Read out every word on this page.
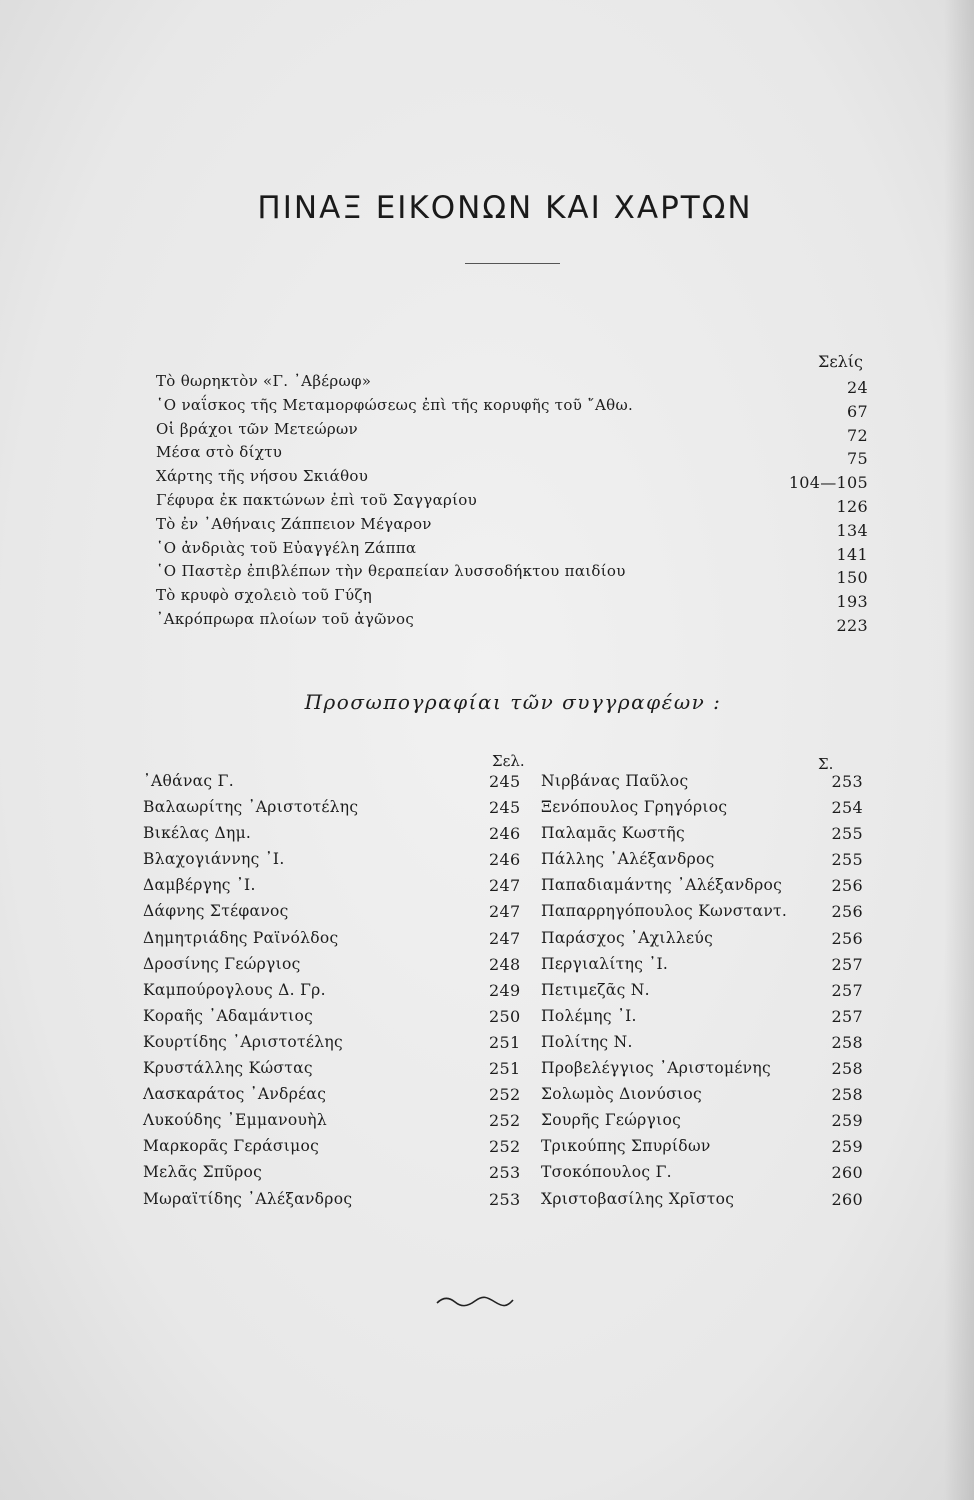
ΠΙΝΑΞ ΕΙΚΟΝΩΝ ΚΑΙ ΧΑΡΤΩΝ
Σελίς
Τὸ θωρηκτὸν «Γ. ᾿Αβέρωφ»	24
῾Ο ναΐσκος τῆς Μεταμορφώσεως ἐπὶ τῆς κορυφῆς τοῦ ῎Αθω.	67
Οἱ βράχοι τῶν Μετεώρων	72
Μέσα στὸ δίχτυ	75
Χάρτης τῆς νήσου Σκιάθου	104—105
Γέφυρα ἐκ πακτώνων ἐπὶ τοῦ Σαγγαρίου	126
Τὸ ἐν ᾿Αθήναις Ζάππειον Μέγαρον	134
῾Ο ἀνδριὰς τοῦ Εὐαγγέλη Ζάππα	141
῾Ο Παστὲρ ἐπιβλέπων τὴν θεραπείαν λυσσοδήκτου παιδίου	150
Τὸ κρυφὸ σχολειὸ τοῦ Γύζη	193
᾿Ακρόπρωρα πλοίων τοῦ ἀγῶνος	223
Προσωπογραφίαι τῶν συγγραφέων :
Σελ.	Σ.
᾿Αθάνας Γ.	245 Νιρβάνας Παῦλος	253
Βαλαωρίτης ᾿Αριστοτέλης	245 Ξενόπουλος Γρηγόριος	254
Βικέλας Δημ.	246 Παλαμᾶς Κωστῆς	255
Βλαχογιάννης ᾿Ι.	246 Πάλλης ᾿Αλέξανδρος	255
Δαμβέργης ᾿Ι.	247 Παπαδιαμάντης ᾿Αλέξανδρος	256
Δάφνης Στέφανος	247 Παπαρρηγόπουλος Κωνσταντ.	256
Δημητριάδης Ραϊνόλδος	247 Παράσχος ᾿Αχιλλεύς	256
Δροσίνης Γεώργιος	248 Περγιαλίτης ᾿Ι.	257
Καμπούρογλους Δ. Γρ.	249 Πετιμεζᾶς Ν.	257
Κοραῆς ᾿Αδαμάντιος	250 Πολέμης ᾿Ι.	257
Κουρτίδης ᾿Αριστοτέλης	251 Πολίτης Ν.	258
Κρυστάλλης Κώστας	251 Προβελέγγιος ᾿Αριστομένης	258
Λασκαράτος ᾿Ανδρέας	252 Σολωμὸς Διονύσιος	258
Λυκούδης ᾿Εμμανουὴλ	252 Σουρῆς Γεώργιος	259
Μαρκορᾶς Γεράσιμος	252 Τρικούπης Σπυρίδων	259
Μελᾶς Σπῦρος	253 Τσοκόπουλος Γ.	260
Μωραϊτίδης ᾿Αλέξανδρος	253 Χριστοβασίλης Χρῖστος	260
